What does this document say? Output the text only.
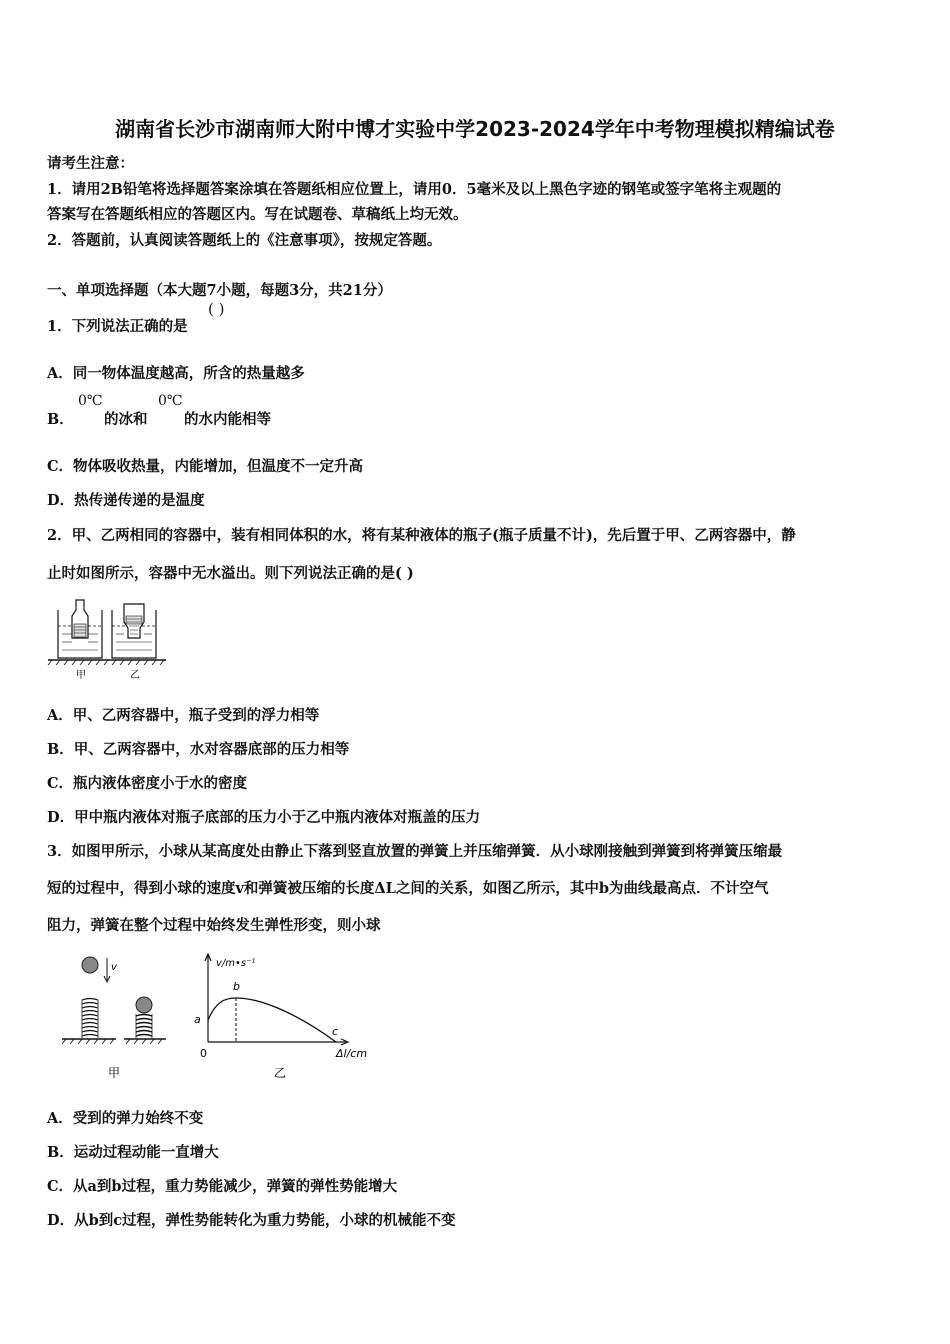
湖南省长沙市湖南师大附中博才实验中学2023-2024学年中考物理模拟精编试卷
请考生注意：
1．请用2B铅笔将选择题答案涂填在答题纸相应位置上，请用0．5毫米及以上黑色字迹的钢笔或签字笔将主观题的
答案写在答题纸相应的答题区内。写在试题卷、草稿纸上均无效。
2．答题前，认真阅读答题纸上的《注意事项》，按规定答题。
一、单项选择题（本大题7小题，每题3分，共21分）
1．下列说法正确的是
( )
A．同一物体温度越高，所含的热量越多
B．
0℃
的冰和
0℃
的水内能相等
C．物体吸收热量，内能增加，但温度不一定升高
D．热传递传递的是温度
2．甲、乙两相同的容器中，装有相同体积的水，将有某种液体的瓶子(瓶子质量不计)，先后置于甲、乙两容器中，静
止时如图所示，容器中无水溢出。则下列说法正确的是( )
甲	乙
A．甲、乙两容器中，瓶子受到的浮力相等
B．甲、乙两容器中，水对容器底部的压力相等
C．瓶内液体密度小于水的密度
D．甲中瓶内液体对瓶子底部的压力小于乙中瓶内液体对瓶盖的压力
3．如图甲所示，小球从某高度处由静止下落到竖直放置的弹簧上并压缩弹簧．从小球刚接触到弹簧到将弹簧压缩最
短的过程中，得到小球的速度v和弹簧被压缩的长度ΔL之间的关系，如图乙所示，其中b为曲线最高点．不计空气
阻力，弹簧在整个过程中始终发生弹性形变，则小球
v
甲
v/m•s⁻¹
Δl/cm
0
a
b
c
乙
A．受到的弹力始终不变
B．运动过程动能一直增大
C．从a到b过程，重力势能减少，弹簧的弹性势能增大
D．从b到c过程，弹性势能转化为重力势能，小球的机械能不变
